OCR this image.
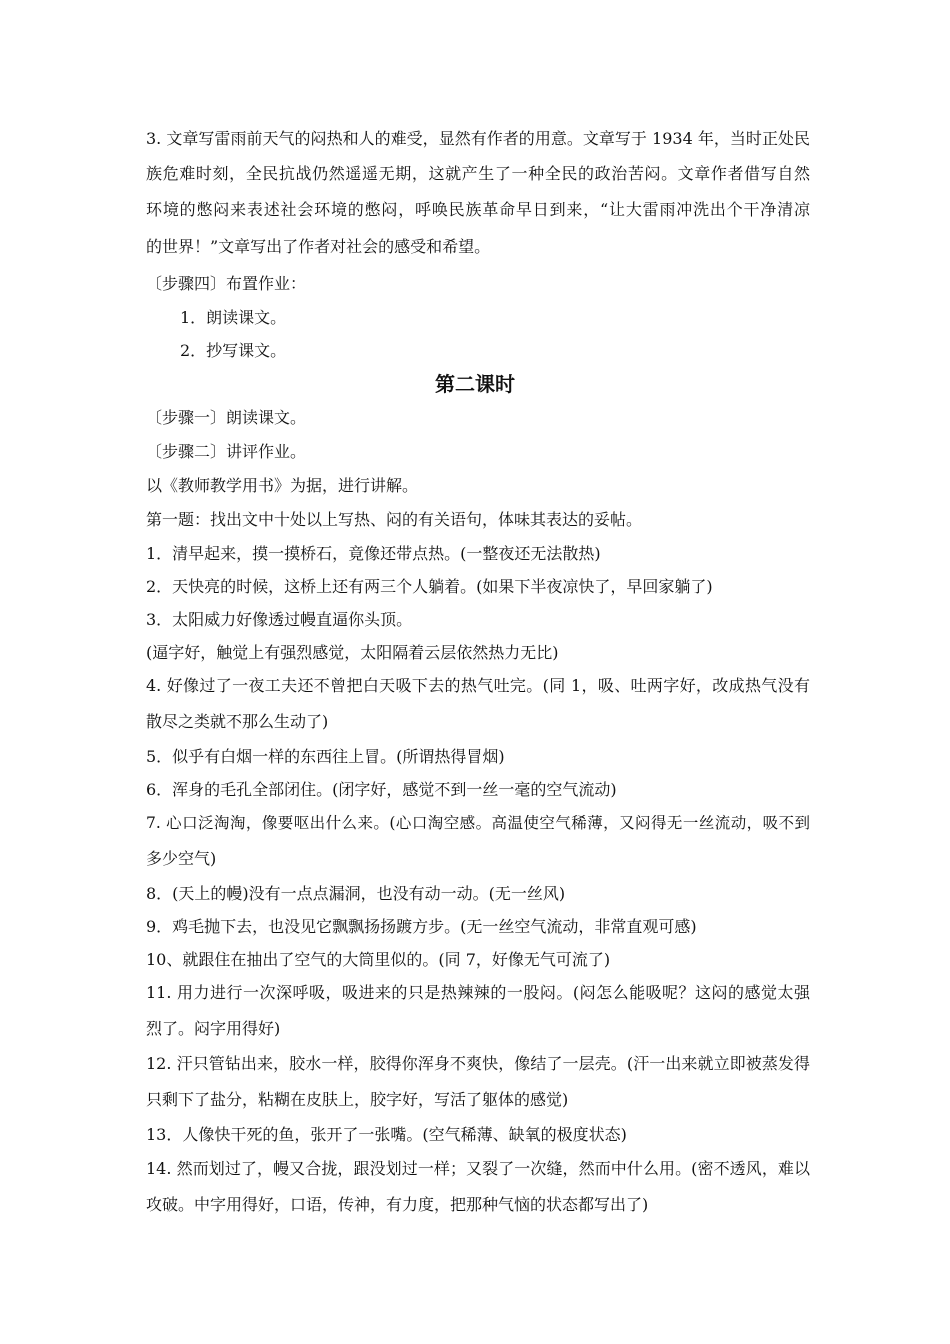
3. 文章写雷雨前天气的闷热和人的难受，显然有作者的用意。文章写于 1934 年，当时正处民
族危难时刻，全民抗战仍然遥遥无期，这就产生了一种全民的政治苦闷。文章作者借写自然
环境的憋闷来表述社会环境的憋闷，呼唤民族革命早日到来，“让大雷雨冲洗出个干净清凉
的世界！”文章写出了作者对社会的感受和希望。
〔步骤四〕布置作业：
1．朗读课文。
2．抄写课文。
第二课时
〔步骤一〕朗读课文。
〔步骤二〕讲评作业。
以《教师教学用书》为据，进行讲解。
第一题：找出文中十处以上写热、闷的有关语句，体味其表达的妥帖。
1．清早起来，摸一摸桥石，竟像还带点热。(一整夜还无法散热)
2．天快亮的时候，这桥上还有两三个人躺着。(如果下半夜凉快了，早回家躺了)
3．太阳威力好像透过幔直逼你头顶。
(逼字好，触觉上有强烈感觉，太阳隔着云层依然热力无比)
4. 好像过了一夜工夫还不曾把白天吸下去的热气吐完。(同 1，吸、吐两字好，改成热气没有
散尽之类就不那么生动了)
5．似乎有白烟一样的东西往上冒。(所谓热得冒烟)
6．浑身的毛孔全部闭住。(闭字好，感觉不到一丝一毫的空气流动)
7. 心口泛淘淘，像要呕出什么来。(心口淘空感。高温使空气稀薄，又闷得无一丝流动，吸不到
多少空气)
8．(天上的幔)没有一点点漏洞，也没有动一动。(无一丝风)
9．鸡毛抛下去，也没见它飘飘扬扬踱方步。(无一丝空气流动，非常直观可感)
10、就跟住在抽出了空气的大筒里似的。(同 7，好像无气可流了)
11. 用力进行一次深呼吸，吸进来的只是热辣辣的一股闷。(闷怎么能吸呢？这闷的感觉太强
烈了。闷字用得好)
12. 汗只管钻出来，胶水一样，胶得你浑身不爽快，像结了一层壳。(汗一出来就立即被蒸发得
只剩下了盐分，粘糊在皮肤上，胶字好，写活了躯体的感觉)
13．人像快干死的鱼，张开了一张嘴。(空气稀薄、缺氧的极度状态)
14. 然而划过了，幔又合拢，跟没划过一样；又裂了一次缝，然而中什么用。(密不透风，难以
攻破。中字用得好，口语，传神，有力度，把那种气恼的状态都写出了)
